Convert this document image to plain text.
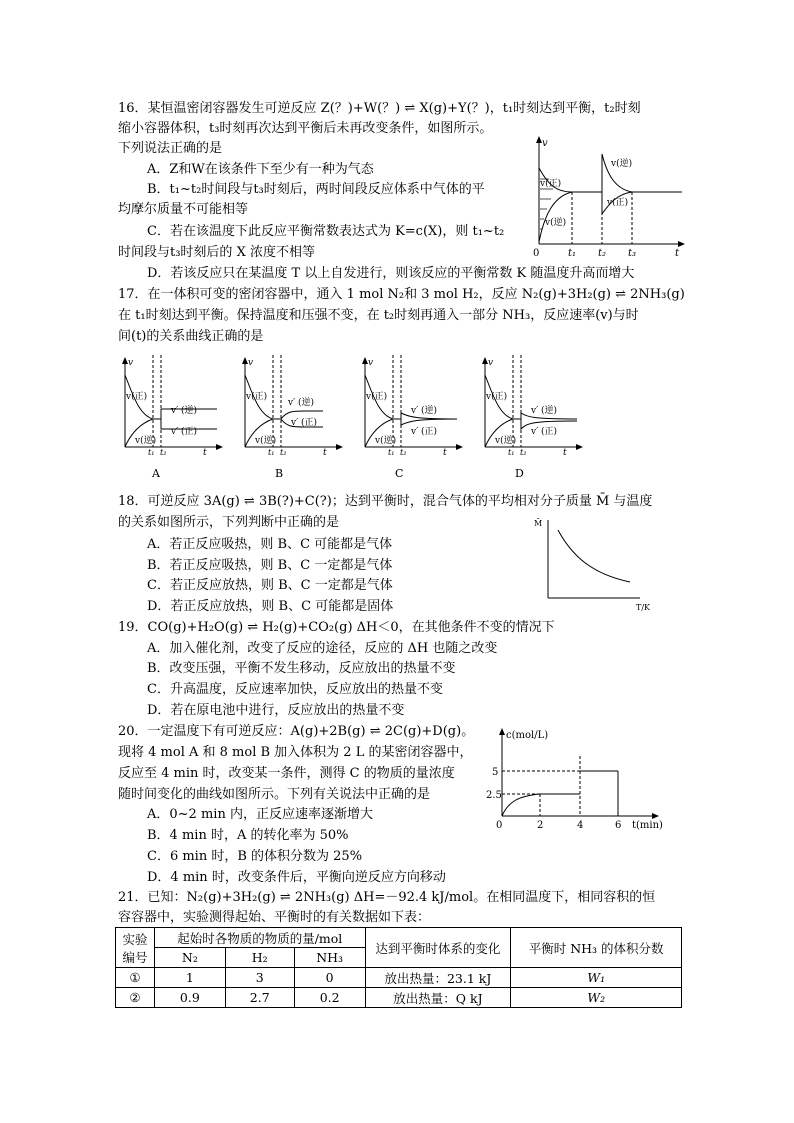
16．某恒温密闭容器发生可逆反应 Z(？)+W(？) ⇌ X(g)+Y(？)，t₁时刻达到平衡，t₂时刻
缩小容器体积，t₃时刻再次达到平衡后未再改变条件，如图所示。
下列说法正确的是
A．Z和W在该条件下至少有一种为气态
B．t₁~t₂时间段与t₃时刻后，两时间段反应体系中气体的平
均摩尔质量不可能相等
C．若在该温度下此反应平衡常数表达式为 K=c(X)，则 t₁~t₂
时间段与t₃时刻后的 X 浓度不相等
D．若该反应只在某温度 T 以上自发进行，则该反应的平衡常数 K 随温度升高而增大
v
v(正)
v(逆)
v(逆)
v(正)
0	t₁ t₂ t₃	t
17．在一体积可变的密闭容器中，通入 1 mol N₂和 3 mol H₂，反应 N₂(g)+3H₂(g) ⇌ 2NH₃(g)
在 t₁时刻达到平衡。保持温度和压强不变，在 t₂时刻再通入一部分 NH₃，反应速率(v)与时
间(t)的关系曲线正确的是
v
v(正)
v(逆)
v′ (逆)
v′ (正)
t₁ t₂	t
v
v(正)
v(逆)
v′ (逆)
v′ (正)
t₁ t₂	t
v
v(正)
v(逆)
v′ (逆)
v′ (正)
t₁ t₂	t
v
v(正)
v(逆)
v′ (逆)
v′ (正)
t₁ t₂	t
A	B	C	D
18．可逆反应 3A(g) ⇌ 3B(?)+C(?)；达到平衡时，混合气体的平均相对分子质量 M̄ 与温度
的关系如图所示，下列判断中正确的是
A．若正反应吸热，则 B、C 可能都是气体
B．若正反应吸热，则 B、C 一定都是气体
C．若正反应放热，则 B、C 一定都是气体
D．若正反应放热，则 B、C 可能都是固体
M̄
T/K
19．CO(g)+H₂O(g) ⇌ H₂(g)+CO₂(g) ΔH＜0，在其他条件不变的情况下
A．加入催化剂，改变了反应的途径，反应的 ΔH 也随之改变
B．改变压强，平衡不发生移动，反应放出的热量不变
C．升高温度，反应速率加快，反应放出的热量不变
D．若在原电池中进行，反应放出的热量不变
20．一定温度下有可逆反应：A(g)+2B(g) ⇌ 2C(g)+D(g)。
现将 4 mol A 和 8 mol B 加入体积为 2 L 的某密闭容器中，
反应至 4 min 时，改变某一条件，测得 C 的物质的量浓度
随时间变化的曲线如图所示。下列有关说法中正确的是
A．0~2 min 内，正反应速率逐渐增大
B．4 min 时，A 的转化率为 50%
C．6 min 时，B 的体积分数为 25%
D．4 min 时，改变条件后，平衡向逆反应方向移动
c(mol/L)
t(min)
5
2.5
0	2	4	6
21．已知：N₂(g)+3H₂(g) ⇌ 2NH₃(g) ΔH=－92.4 kJ/mol。在相同温度下，相同容积的恒
容容器中，实验测得起始、平衡时的有关数据如下表：
实验
编号	起始时各物质的物质的量/mol			达到平衡时体系的变化	平衡时 NH₃ 的体积分数
	N₂	H₂	NH₃		
①	1	3	0	放出热量：23.1 kJ	W₁
②	0.9	2.7	0.2	放出热量：Q kJ	W₂
